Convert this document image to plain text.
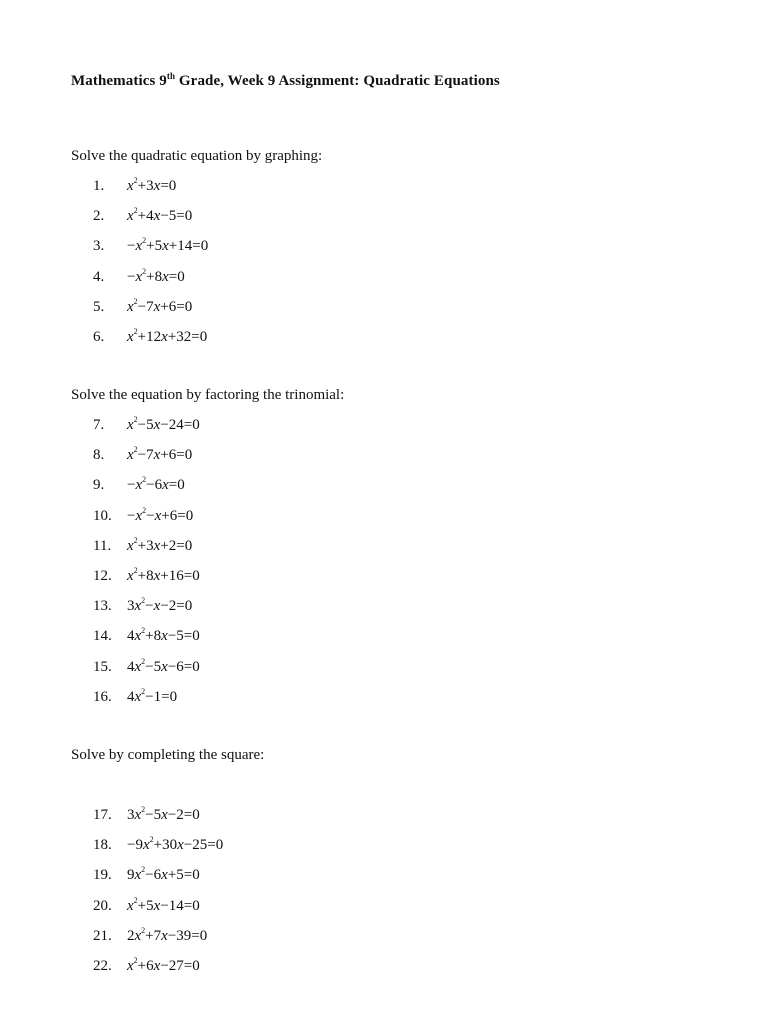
Mathematics 9th Grade, Week 9 Assignment: Quadratic Equations
Solve the quadratic equation by graphing:
1. $x^2+3x=0$
2. $x^2+4x-5=0$
3. $-x^2+5x+14=0$
4. $-x^2+8x=0$
5. $x^2-7x+6=0$
6. $x^2+12x+32=0$
Solve the equation by factoring the trinomial:
7. $x^2-5x-24=0$
8. $x^2-7x+6=0$
9. $-x^2-6x=0$
10. $-x^2-x+6=0$
11. $x^2+3x+2=0$
12. $x^2+8x+16=0$
13. $3x^2-x-2=0$
14. $4x^2+8x-5=0$
15. $4x^2-5x-6=0$
16. $4x^2-1=0$
Solve by completing the square:
17. $3x^2-5x-2=0$
18. $-9x^2+30x-25=0$
19. $9x^2-6x+5=0$
20. $x^2+5x-14=0$
21. $2x^2+7x-39=0$
22. $x^2+6x-27=0$
